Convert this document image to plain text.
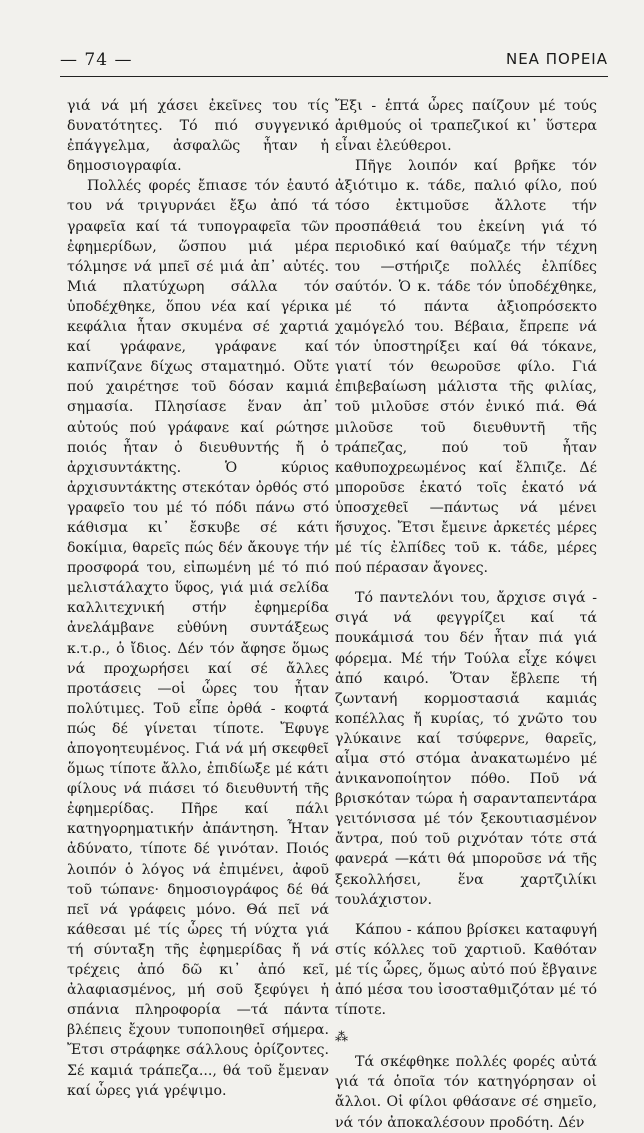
— 74 —	ΝΕΑ ΠΟΡΕΙΑ

γιά νά μή χάσει ἐκεῖνες του τίς δυνατότητες. Τό πιό συγγενικό ἐπάγγελμα, ἀσφαλῶς ἦταν ἡ δημοσιογραφία.

Πολλές φορές ἔπιασε τόν ἑαυτό του νά τριγυρνάει ἔξω ἀπό τά γραφεῖα καί τά τυπογραφεῖα τῶν ἐφημερίδων, ὥσπου μιά μέρα τόλμησε νά μπεῖ σέ μιά ἀπ᾽ αὐτές. Μιά πλατύχωρη σάλλα τόν ὑποδέχθηκε, ὅπου νέα καί γέρικα κεφάλια ἦταν σκυμένα σέ χαρτιά καί γράφανε, γράφανε καί καπνίζανε δίχως σταματημό. Οὔτε πού χαιρέτησε τοῦ δόσαν καμιά σημασία. Πλησίασε ἕναν ἀπ᾽ αὐτούς πού γράφανε καί ρώτησε ποιός ἦταν ὁ διευθυντής ἤ ὁ ἀρχισυντάκτης. Ὁ κύριος ἀρχισυντάκτης στεκόταν ὀρθός στό γραφεῖο του μέ τό πόδι πάνω στό κάθισμα κι᾽ ἔσκυβε σέ κάτι δοκίμια, θαρεῖς πώς δέν ἄκουγε τήν προσφορά του, εἰπωμένη μέ τό πιό μελιστάλαχτο ὕφος, γιά μιά σελίδα καλλιτεχνική στήν ἐφημερίδα ἀνελάμβανε εὐθύνη συντάξεως κ.τ.ρ., ὁ ἴδιος. Δέν τόν ἄφησε ὅμως νά προχωρήσει καί σέ ἄλλες προτάσεις —οἱ ὧρες του ἦταν πολύτιμες. Τοῦ εἶπε ὀρθά - κοφτά πώς δέ γίνεται τίποτε. Ἔφυγε ἀπογοητευμένος. Γιά νά μή σκεφθεῖ ὅμως τίποτε ἄλλο, ἐπιδίωξε μέ κάτι φίλους νά πιάσει τό διευθυντή τῆς ἐφημερίδας. Πῆρε καί πάλι κατηγορηματικήν ἀπάντηση. Ἦταν ἀδύνατο, τίποτε δέ γινόταν. Ποιός λοιπόν ὁ λόγος νά ἐπιμένει, ἀφοῦ τοῦ τώπανε· δημοσιογράφος δέ θά πεῖ νά γράφεις μόνο. Θά πεῖ νά κάθεσαι μέ τίς ὧρες τή νύχτα γιά τή σύνταξη τῆς ἐφημερίδας ἤ νά τρέχεις ἀπό δῶ κι᾽ ἀπό κεῖ, ἀλαφιασμένος, μή σοῦ ξεφύγει ἡ σπάνια πληροφορία —τά πάντα βλέπεις ἔχουν τυποποιηθεῖ σήμερα. Ἔτσι στράφηκε σάλλους ὁρίζοντες. Σέ καμιά τράπεζα..., θά τοῦ ἔμεναν καί ὧρες γιά γρέψιμο.

Ἔξι - ἑπτά ὧρες παίζουν μέ τούς ἀριθμούς οἱ τραπεζικοί κι᾽ ὕστερα εἶναι ἐλεύθεροι.

Πῆγε λοιπόν καί βρῆκε τόν ἀξιότιμο κ. τάδε, παλιό φίλο, πού τόσο ἐκτιμοῦσε ἄλλοτε τήν προσπάθειά του ἐκείνη γιά τό περιοδικό καί θαύμαζε τήν τέχνη του —στήριζε πολλές ἐλπίδες σαύτόν. Ὁ κ. τάδε τόν ὑποδέχθηκε, μέ τό πάντα ἀξιοπρόσεκτο χαμόγελό του. Βέβαια, ἔπρεπε νά τόν ὑποστηρίξει καί θά τόκανε, γιατί τόν θεωροῦσε φίλο. Γιά ἐπιβεβαίωση μάλιστα τῆς φιλίας, τοῦ μιλοῦσε στόν ἑνικό πιά. Θά μιλοῦσε τοῦ διευθυντῆ τῆς τράπεζας, πού τοῦ ἦταν καθυποχρεωμένος καί ἔλπιζε. Δέ μποροῦσε ἑκατό τοῖς ἑκατό νά ὑποσχεθεῖ —πάντως νά μένει ἥσυχος. Ἔτσι ἔμεινε ἀρκετές μέρες μέ τίς ἐλπίδες τοῦ κ. τάδε, μέρες πού πέρασαν ἄγονες.

Τό παντελόνι του, ἄρχισε σιγά - σιγά νά φεγγρίζει καί τά πουκάμισά του δέν ἦταν πιά γιά φόρεμα. Μέ τήν Τούλα εἶχε κόψει ἀπό καιρό. Ὅταν ἔβλεπε τή ζωντανή κορμοστασιά καμιάς κοπέλλας ἤ κυρίας, τό χνῶτο του γλύκαινε καί τσύφερνε, θαρεῖς, αἷμα στό στόμα ἀνακατωμένο μέ ἀνικανοποίητον πόθο. Ποῦ νά βρισκόταν τώρα ἡ σαρανταπεντάρα γειτόνισσα μέ τόν ξεκουτιασμένον ἄντρα, πού τοῦ ριχνόταν τότε στά φανερά —κάτι θά μποροῦσε νά τῆς ξεκολλήσει, ἕνα χαρτζιλίκι τουλάχιστον.

Κάπου - κάπου βρίσκει καταφυγή στίς κόλλες τοῦ χαρτιοῦ. Καθόταν μέ τίς ὧρες, ὅμως αὐτό πού ἔβγαινε ἀπό μέσα του ἰσοσταθμιζόταν μέ τό τίποτε.

⁂

Τά σκέφθηκε πολλές φορές αὐτά γιά τά ὁποῖα τόν κατηγόρησαν οἱ ἄλλοι. Οἱ φίλοι φθάσανε σέ σημεῖο, νά τόν ἀποκαλέσουν προδότη. Δέν
